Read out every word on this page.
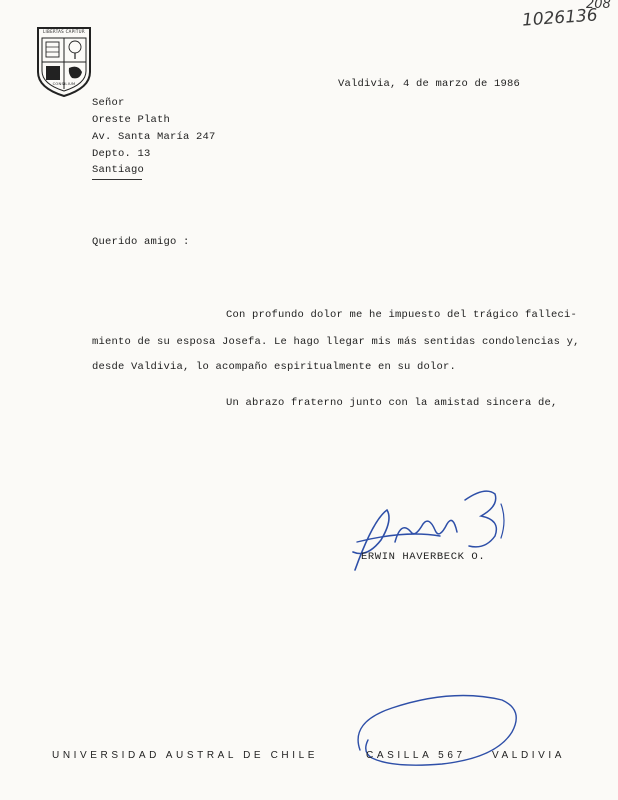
208
1026136
LIBERTAS CAPITUR
CONSILIUM	Valdivia, 4 de marzo de 1986
Señor
Oreste Plath
Av. Santa María 247
Depto. 13
Santiago
Querido amigo :
Con profundo dolor me he impuesto del trágico falleci-
miento de su esposa Josefa. Le hago llegar mis más sentidas condolencias y,
desde Valdivia, lo acompaño espiritualmente en su dolor.
Un abrazo fraterno junto con la amistad sincera de,
ERWIN HAVERBECK O.
UNIVERSIDAD AUSTRAL DE CHILE	CASILLA 567	VALDIVIA
